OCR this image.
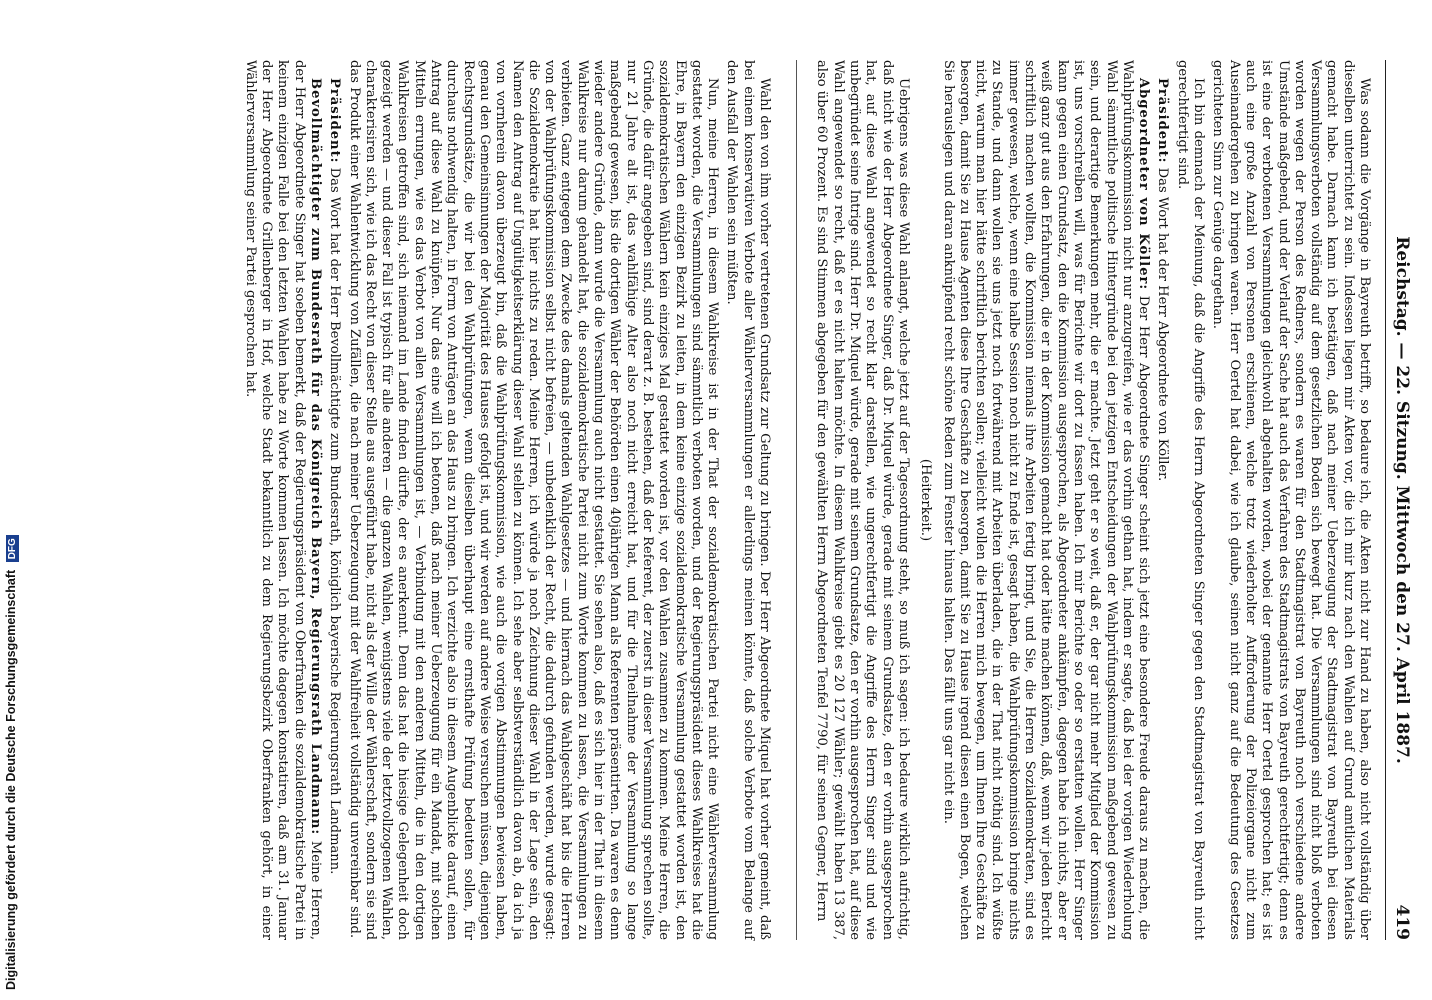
Digitalisierung gefördert durch die Deutsche Forschungsgemeinschaft DFG	Reichstag. — 22. Sitzung. Mittwoch den 27. April 1887.
419

Was sodann die Vorgänge in Bayreuth betrifft, so bedaure ich, die Akten nicht zur Hand zu haben, also nicht vollständig über dieselben unterrichtet zu sein. Indessen liegen mir Akten vor, die ich mir kurz nach den Wahlen auf Grund amtlichen Materials gemacht habe. Darnach kann ich bestätigen, daß nach meiner Ueberzeugung der Stadtmagistrat von Bayreuth bei diesen Versammlungsverboten vollständig auf dem gesetzlichen Boden sich bewegt hat. Die Versammlungen sind nicht bloß verboten worden wegen der Person des Redners, sondern es waren für den Stadtmagistrat von Bayreuth noch verschiedene andere Umstände maßgebend, und der Verlauf der Sache hat auch das Verfahren des Stadtmagistrats von Bayreuth gerechtfertigt; denn es ist eine der verbotenen Versammlungen gleichwohl abgehalten worden, wobei der genannte Herr Oertel gesprochen hat; es ist auch eine große Anzahl von Personen erschienen, welche trotz wiederholter Aufforderung der Polizeiorgane nicht zum Auseinandergehen zu bringen waren. Herr Oertel hat dabei, wie ich glaube, seinen nicht ganz auf die Bedeutung des Gesetzes gerichteten Sinn zur Genüge dargethan.

Ich bin demnach der Meinung, daß die Angriffe des Herrn Abgeordneten Singer gegen den Stadtmagistrat von Bayreuth nicht gerechtfertigt sind.

Präsident: Das Wort hat der Herr Abgeordnete von Köller.

Abgeordneter von Köller: Der Herr Abgeordnete Singer scheint sich jetzt eine besondere Freude daraus zu machen, die Wahlprüfungskommission nicht nur anzugreifen, wie er das vorhin gethan hat, indem er sagte, daß bei der vorigen Wiederholung Wahl sämmtliche politische Hintergründe bei den jetzigen Entscheidungen der Wahlprüfungskommission maßgebend gewesen zu sein, und derartige Bemerkungen mehr, die er machte. Jetzt geht er so weit, daß er, der gar nicht mehr Mitglied der Kommission ist, uns vorschreiben will, was für Berichte wir dort zu fassen haben. Ich mir Berichte so oder so erstatten wollen. Herr Singer kann gegen einen Grundsatz, den die Kommission ausgesprochen, als Abgeordneter ankämpfen, dagegen habe ich nichts, aber er weiß ganz gut aus den Erfahrungen, die er in der Kommission gemacht hat oder hätte machen können, daß, wenn wir jeden Bericht schriftlich machen wollten, die Kommission niemals ihre Arbeiten fertig bringt, und Sie, die Herren Sozialdemokraten, sind es immer gewesen, welche, wenn eine halbe Session noch nicht zu Ende ist, gesagt haben, die Wahlprüfungskommission bringe nichts zu Stande, und dann wollen sie uns jetzt noch fortwährend mit Arbeiten überladen, die in der That nicht nöthig sind. Ich wüßte nicht, warum man hier hätte schriftlich berichten sollen; vielleicht wollen die Herren mich bewegen, um Ihnen Ihre Geschäfte zu besorgen, damit Sie zu Hause Agenten diese Ihre Geschäfte zu besorgen, damit Sie zu Hause irgend diesen einen Bogen, welchen Sie herauslegen und daran anknüpfend recht schöne Reden zum Fenster hinaus halten. Das fällt uns gar nicht ein.

(Heiterkeit.)

Uebrigens was diese Wahl anlangt, welche jetzt auf der Tagesordnung steht, so muß ich sagen: ich bedaure wirklich aufrichtig, daß nicht wie der Herr Abgeordnete Singer, daß Dr. Miquel würde, gerade mit seinem Grundsatze, den er vorhin ausgesprochen hat, auf diese Wahl angewendet so recht klar darstellen, wie ungerechtfertigt die Angriffe des Herrn Singer sind und wie unbegründet seine Intrige sind. Herr Dr. Miquel würde, gerade mit seinem Grundsatze, den er vorhin ausgesprochen hat, auf diese Wahl angewendet so recht, daß er es nicht halten möchte. In diesem Wahlkreise giebt es 20 127 Wähler; gewählt haben 13 387, also über 60 Prozent. Es sind Stimmen abgegeben für den gewählten Herrn Abgeordneten Tenfel 7790, für seinen Gegner, Herrn

Wahl den von ihm vorher vertretenen Grundsatz zur Geltung zu bringen. Der Herr Abgeordnete Miquel hat vorher gemeint, daß bei einem konservativen Verbote aller Wählerversammlungen er allerdings meinen könnte, daß solche Verbote vom Belange auf den Ausfall der Wahlen sein müßten.

Nun, meine Herren, in diesem Wahlkreise ist in der That der sozialdemokratischen Partei nicht eine Wählerversammlung gestattet worden, die Versammlungen sind sämmtlich verboten worden, und der Regierungspräsident dieses Wahlkreises hat die Ehre, in Bayern den einzigen Bezirk zu leiten, in dem keine einzige sozialdemokratische Versammlung gestattet worden ist, den sozialdemokratischen Wählern kein einziges Mal gestattet worden ist, vor den Wahlen zusammen zu kommen. Meine Herren, die Gründe, die dafür angegeben sind, sind derart z. B. bestehen, daß der Referent, der zuerst in dieser Versammlung sprechen sollte, nur 21 Jahre alt ist, das wahlfähige Alter also noch nicht erreicht hat, und für die Theilnahme der Versammlung so lange maßgebend gewesen, bis die dortigen Wähler der Behörden einen 40jährigen Mann als Referenten präsentirten. Da waren es denn wieder andere Gründe, dann wurde die Versammlung auch nicht gestattet. Sie sehen also, daß es sich hier in der That in diesem Wahlkreise nur darum gehandelt hat, die sozialdemokratische Partei nicht zum Worte kommen zu lassen, die Versammlungen zu verbieten. Ganz entgegen dem Zwecke des damals geltenden Wahlgesetzes — und hiernach das Wahlgeschäft hat bis die Herren von der Wahlprüfungskommission selbst nicht befreien, — unbedenklich der Recht, die dadurch gefunden werden, wurde gesagt: die Sozialdemokratie hat hier nichts zu reden. Meine Herren, ich würde ja noch Zeichnung dieser Wahl in der Lage sein, den Namen den Antrag auf Ungültigkeitserklärung dieser Wahl stellen zu können. Ich sehe aber selbstverständlich davon ab, da ich ja von vornherein davon überzeugt bin, daß die Wahlprüfungskommission, wie auch die vorigen Abstimmungen bewiesen haben, genau den Gemeinsinnungen der Majorität des Hauses gefolgt ist, und wir werden auf andere Weise versuchen müssen, diejenigen Rechtsgrundsätze, die wir bei den Wahlprüfungen, wenn dieselben überhaupt eine ernsthafte Prüfung bedeuten sollen, für durchaus nothwendig halten, in Form von Anträgen an das Haus zu bringen. Ich verzichte also in diesem Augenblicke darauf, einen Antrag auf diese Wahl zu knüpfen. Nur das eine will ich betonen, daß nach meiner Ueberzeugung für ein Mandat, mit solchen Mitteln errungen, wie es das Verbot von allen Versammlungen ist, — Verbindung mit den anderen Mitteln, die in den dortigen Wahlkreisen getroffen sind, sich niemand im Lande finden dürfte, der es anerkennt. Denn das hat die hiesige Gelegenheit doch gezeigt werden — und dieser Fall ist typisch für alle anderen — die ganzen Wahlen, wenigstens viele der letztvollzogenen Wahlen, charakterisiren sich, wie ich das Recht von dieser Stelle aus ausgeführt habe, nicht als der Wille der Wählerschaft, sondern sie sind das Produkt einer Wahlentwicklung von Zufällen, die nach meiner Ueberzeugung mit der Wahlfreiheit vollständig unvereinbar sind.

Präsident: Das Wort hat der Herr Bevollmächtigte zum Bundesrath, königlich bayerische Regierungsrath Landmann.

Bevollmächtigter zum Bundesrath für das Königreich Bayern, Regierungsrath Landmann: Meine Herren, der Herr Abgeordnete Singer hat soeben bemerkt, daß der Regierungspräsident von Oberfranken die sozialdemokratische Partei in keinem einzigen Falle bei den letzten Wahlen habe zu Worte kommen lassen. Ich möchte dagegen konstatiren, daß am 31. Januar der Herr Abgeordnete Grillenberger in Hof, welche Stadt bekanntlich zu dem Regierungsbezirk Oberfranken gehört, in einer Wählerversammlung seiner Partei gesprochen hat.
